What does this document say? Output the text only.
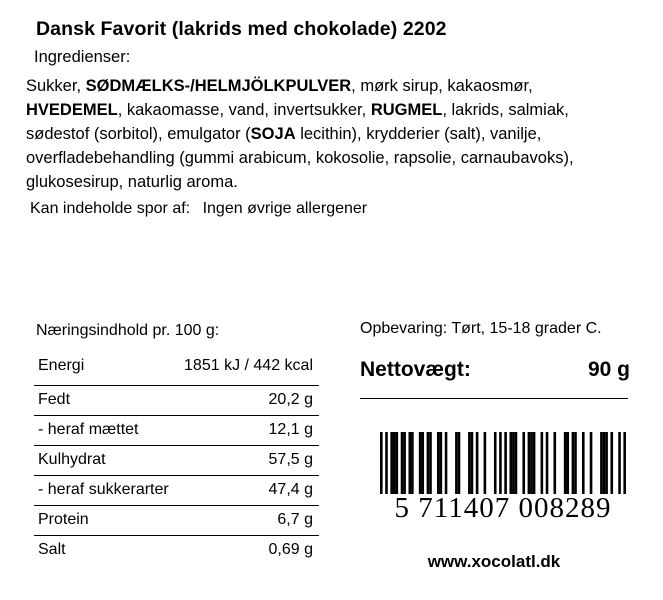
Dansk Favorit (lakrids med chokolade) 2202
Ingredienser:
Sukker, SØDMÆLKS-/HELMJÖLKPULVER, mørk sirup, kakaosmør, HVEDEMEL, kakaomasse, vand, invertsukker, RUGMEL, lakrids, salmiak, sødestof (sorbitol), emulgator (SOJA lecithin), krydderier (salt), vanilje, overfladebehandling (gummi arabicum, kokosolie, rapsolie, carnaubavoks), glukosesirup, naturlig aroma.
Kan indeholde spor af: Ingen øvrige allergener
Næringsindhold pr. 100 g:
Energi	1851 kJ / 442 kcal
Fedt	20,2 g
- heraf mættet	12,1 g
Kulhydrat	57,5 g
- heraf sukkerarter	47,4 g
Protein	6,7 g
Salt	0,69 g
Opbevaring: Tørt, 15-18 grader C.
Nettovægt:	90 g
5 711407 008289
www.xocolatl.dk
